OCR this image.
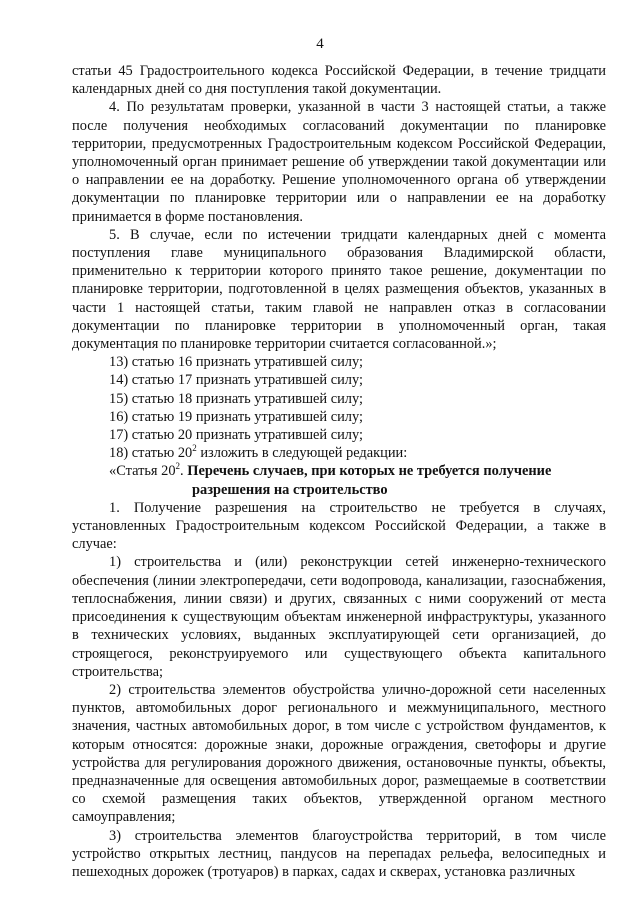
4

статьи 45 Градостроительного кодекса Российской Федерации, в течение тридцати календарных дней со дня поступления такой документации.

4. По результатам проверки, указанной в части 3 настоящей статьи, а также после получения необходимых согласований документации по планировке территории, предусмотренных Градостроительным кодексом Российской Федерации, уполномоченный орган принимает решение об утверждении такой документации или о направлении ее на доработку. Решение уполномоченного органа об утверждении документации по планировке территории или о направлении ее на доработку принимается в форме постановления.

5. В случае, если по истечении тридцати календарных дней с момента поступления главе муниципального образования Владимирской области, применительно к территории которого принято такое решение, документации по планировке территории, подготовленной в целях размещения объектов, указанных в части 1 настоящей статьи, таким главой не направлен отказ в согласовании документации по планировке территории в уполномоченный орган, такая документация по планировке территории считается согласованной.»;

13) статью 16 признать утратившей силу;

14) статью 17 признать утратившей силу;

15) статью 18 признать утратившей силу;

16) статью 19 признать утратившей силу;

17) статью 20 признать утратившей силу;

18) статью $20^2$ изложить в следующей редакции:

«Статья $20^2$. Перечень случаев, при которых не требуется получение

разрешения на строительство

1. Получение разрешения на строительство не требуется в случаях, установленных Градостроительным кодексом Российской Федерации, а также в случае:

1) строительства и (или) реконструкции сетей инженерно-технического обеспечения (линии электропередачи, сети водопровода, канализации, газоснабжения, теплоснабжения, линии связи) и других, связанных с ними сооружений от места присоединения к существующим объектам инженерной инфраструктуры, указанного в технических условиях, выданных эксплуатирующей сети организацией, до строящегося, реконструируемого или существующего объекта капитального строительства;

2) строительства элементов обустройства улично-дорожной сети населенных пунктов, автомобильных дорог регионального и межмуниципального, местного значения, частных автомобильных дорог, в том числе с устройством фундаментов, к которым относятся: дорожные знаки, дорожные ограждения, светофоры и другие устройства для регулирования дорожного движения, остановочные пункты, объекты, предназначенные для освещения автомобильных дорог, размещаемые в соответствии со схемой размещения таких объектов, утвержденной органом местного самоуправления;

3) строительства элементов благоустройства территорий, в том числе устройство открытых лестниц, пандусов на перепадах рельефа, велосипедных и пешеходных дорожек (тротуаров) в парках, садах и скверах, установка различных
